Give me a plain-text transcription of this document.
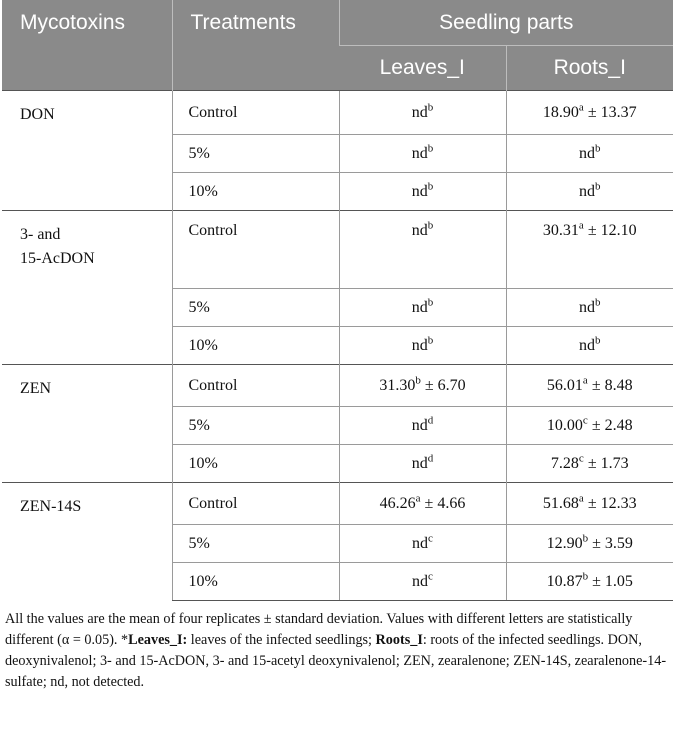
Mycotoxins	Treatments	Seedling parts	
		Leaves_I	Roots_I
DON	Control	$nd^b$	18.90$^a$ ± 13.37
	5%	$nd^b$	$nd^b$
	10%	$nd^b$	$nd^b$
3- and
15-AcDON	Control	$nd^b$	30.31$^a$ ± 12.10
	5%	$nd^b$	$nd^b$
	10%	$nd^b$	$nd^b$
ZEN	Control	31.30$^b$ ± 6.70	56.01$^a$ ± 8.48
	5%	$nd^d$	10.00$^c$ ± 2.48
	10%	$nd^d$	7.28$^c$ ± 1.73
ZEN-14S	Control	46.26$^a$ ± 4.66	51.68$^a$ ± 12.33
	5%	$nd^c$	12.90$^b$ ± 3.59
	10%	$nd^c$	10.87$^b$ ± 1.05
All the values are the mean of four replicates ± standard deviation. Values with different letters are statistically different (α = 0.05). *Leaves_I: leaves of the infected seedlings; Roots_I: roots of the infected seedlings. DON, deoxynivalenol; 3- and 15-AcDON, 3- and 15-acetyl deoxynivalenol; ZEN, zearalenone; ZEN-14S, zearalenone-14-sulfate; nd, not detected.
